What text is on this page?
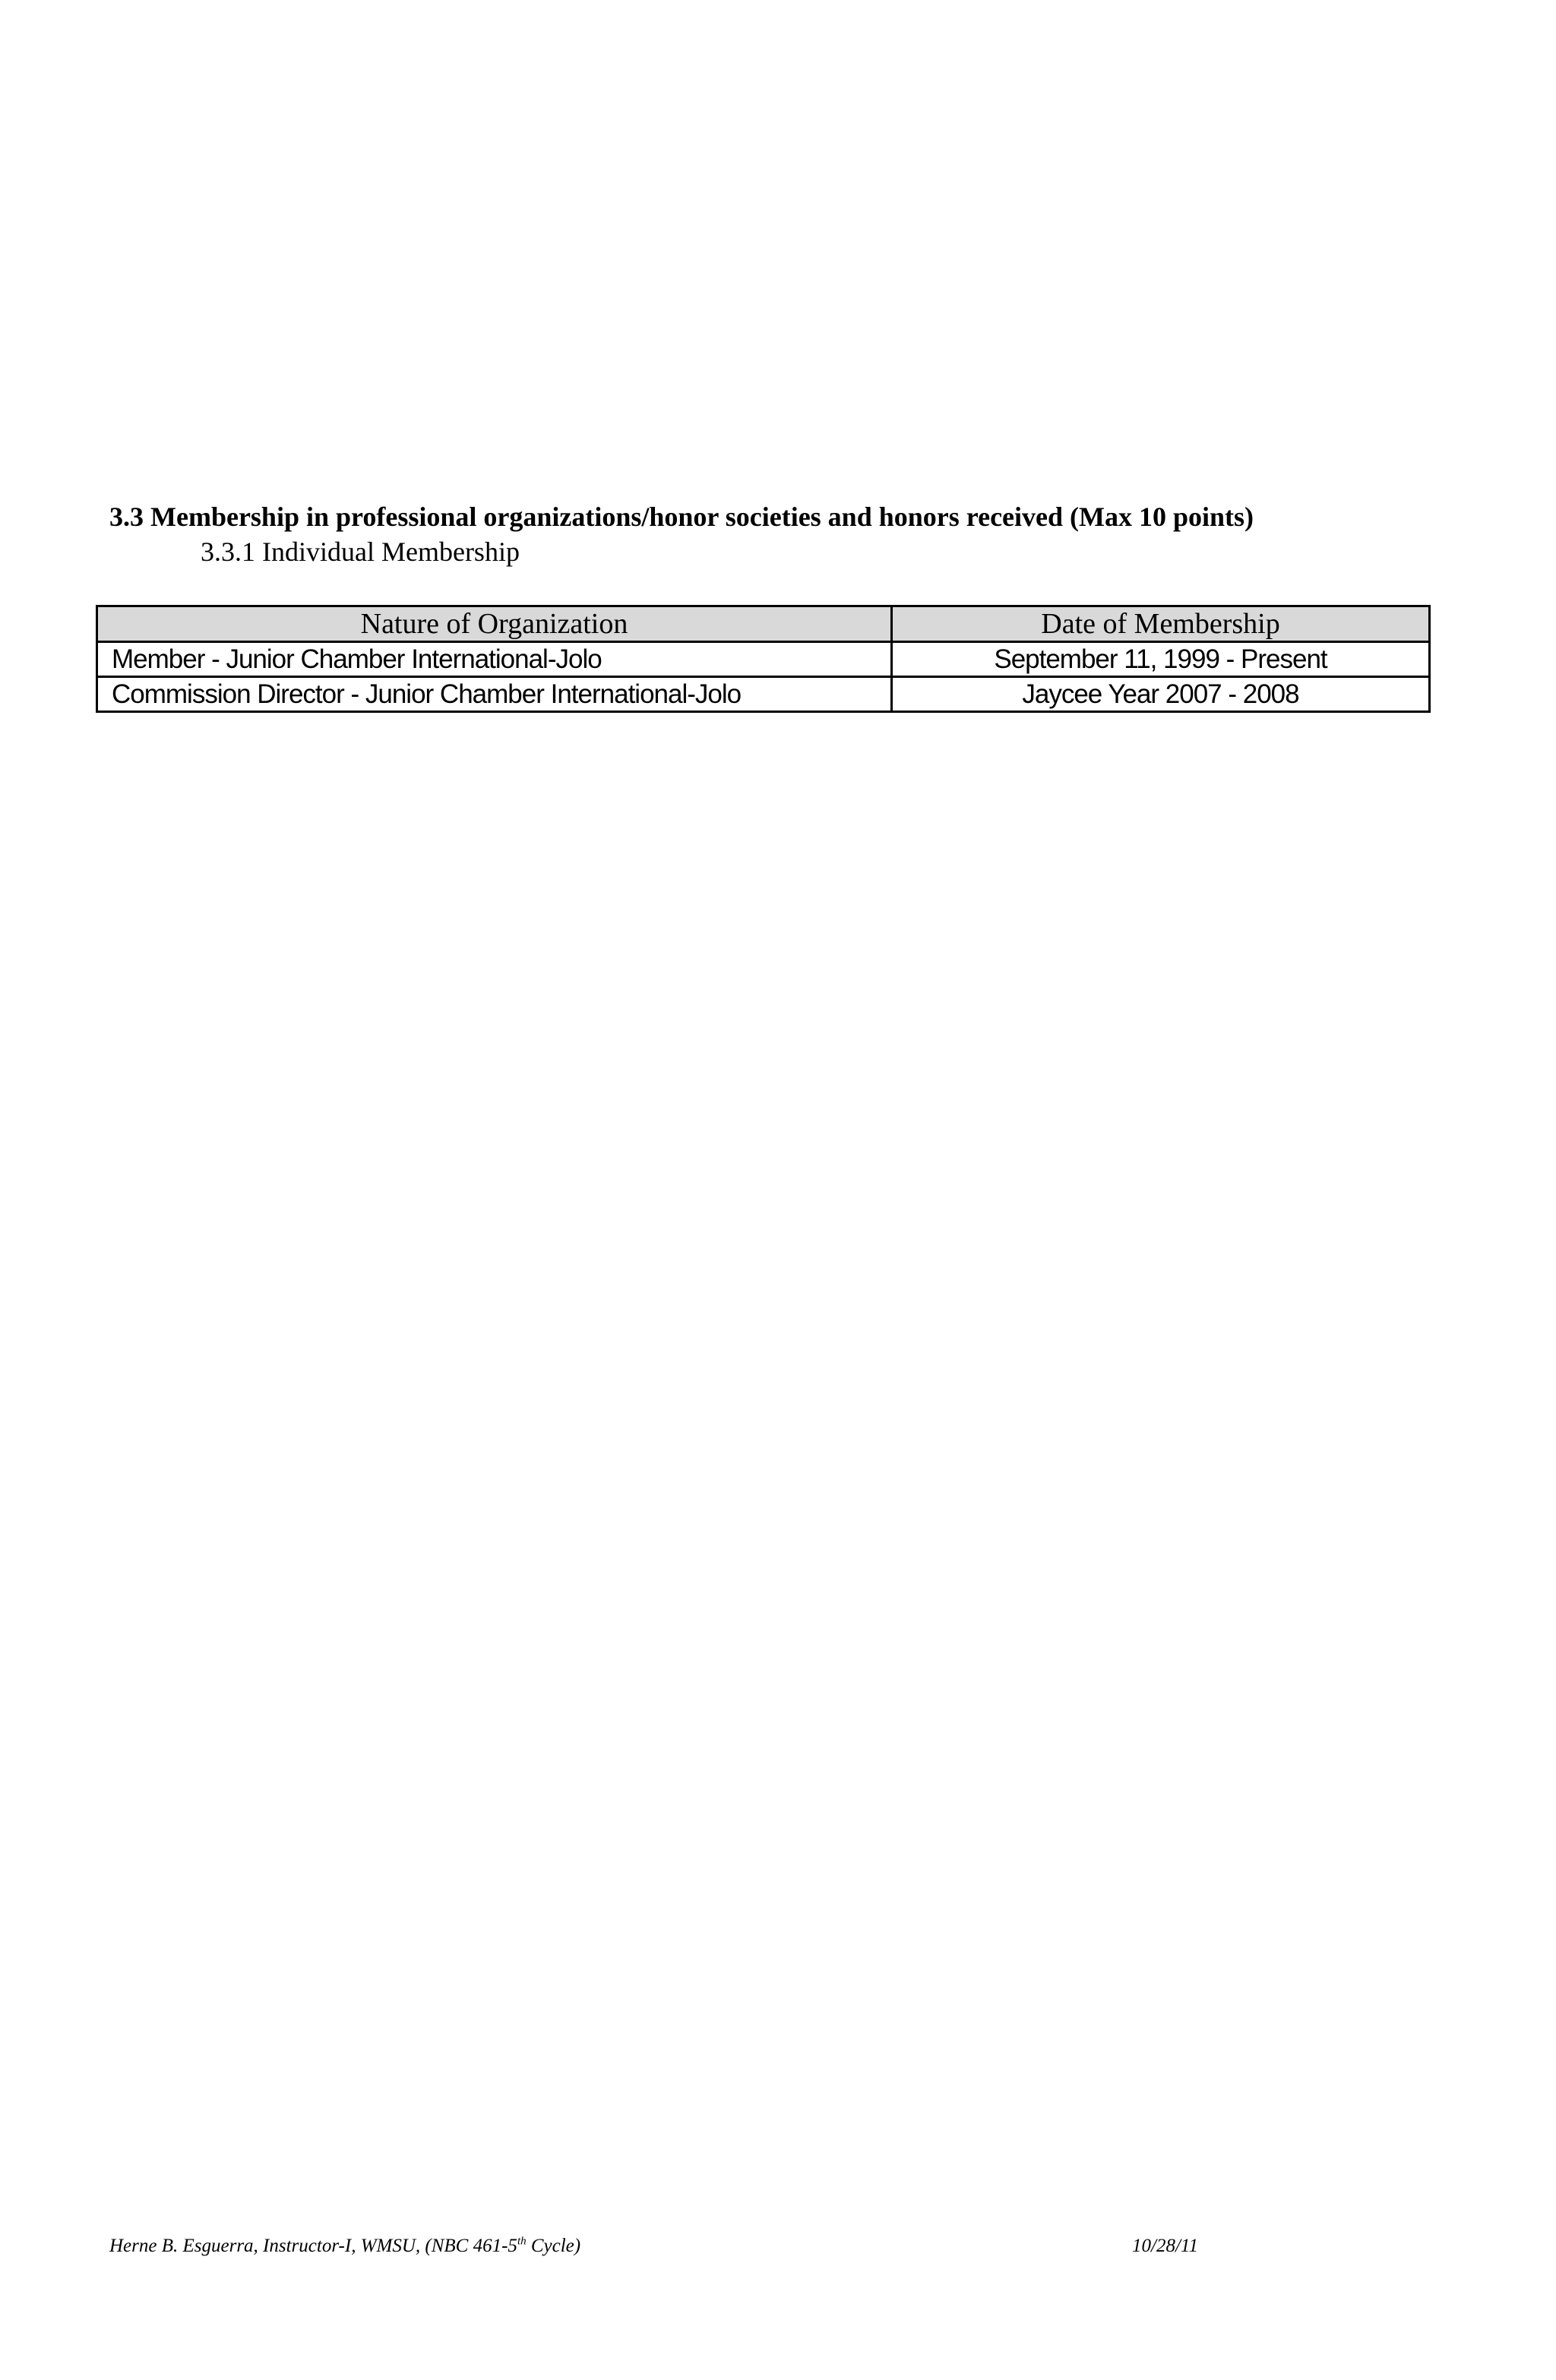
3.3 Membership in professional organizations/honor societies and honors received (Max 10 points)
3.3.1 Individual Membership
Nature of Organization	Date of Membership
Member - Junior Chamber International-Jolo	September 11, 1999 - Present
Commission Director - Junior Chamber International-Jolo	Jaycee Year 2007 - 2008
Herne B. Esguerra, Instructor-I, WMSU, (NBC 461-5th Cycle)	10/28/11
